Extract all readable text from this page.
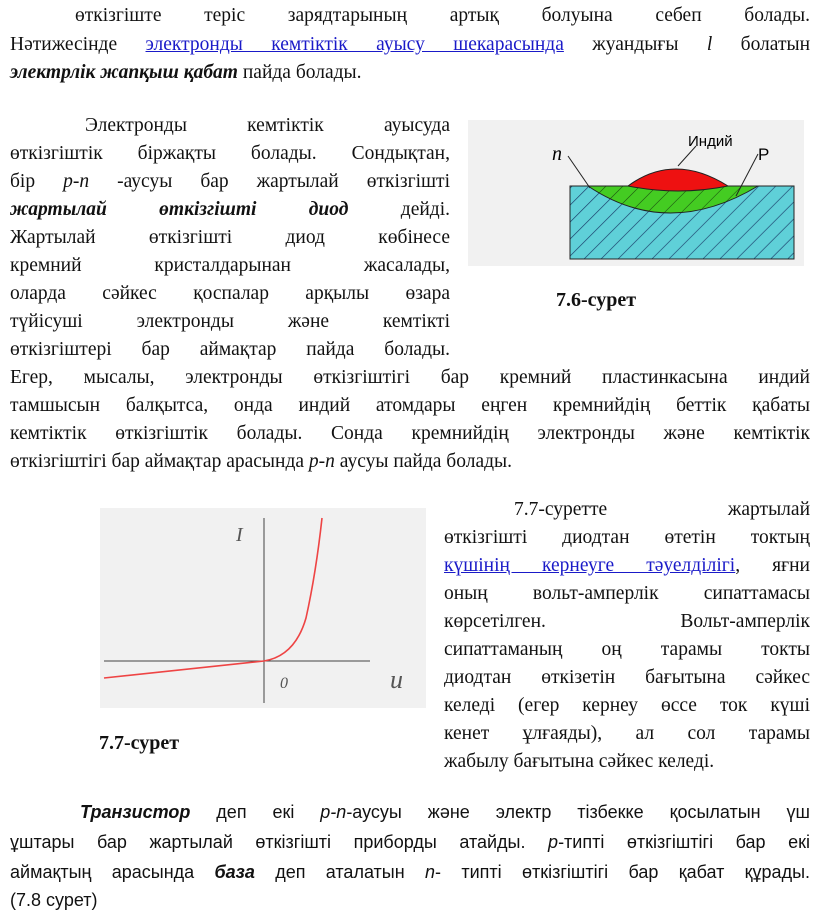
өткізгіште теріс зарядтарының артық болуына себеп болады.
Нәтижесінде электронды кемтіктік ауысу шекарасында жуандығы l болатын
электрлік жапқыш қабат пайда болады.
Электронды кемтіктік ауысуда
өткізгіштік біржақты болады. Сондықтан,
бір p-n -аусуы бар жартылай өткізгішті
жартылай өткізгішті диод дейді.
Жартылай өткізгішті диод көбінесе
кремний кристалдарынан жасалады,
оларда сәйкес қоспалар арқылы өзара
түйісуші электронды және кемтікті
өткізгіштері бар аймақтар пайда болады.
Егер, мысалы, электронды өткізгіштігі бар кремний пластинкасына индий
тамшысын балқытса, онда индий атомдары еңген кремнийдің беттік қабаты
кемтіктік өткізгіштік болады. Сонда кремнийдің электронды және кемтіктік
өткізгіштігі бар аймақтар арасында p-n аусуы пайда болады.
n
Индий
P
7.6-сурет
I
u
0
7.7-сурет
7.7-суретте жартылай
өткізгішті диодтан өтетін токтың
күшінің кернеуге тәуелділігі, яғни
оның вольт-амперлік сипаттамасы
көрсетілген. Вольт-амперлік
сипаттаманың оң тарамы токты
диодтан өткізетін бағытына сәйкес
келеді (егер кернеу өссе ток күші
кенет ұлғаяды), ал сол тарамы
жабылу бағытына сәйкес келеді.
Транзистор деп екі p-n-аусуы және электр тізбекке қосылатын үш
ұштары бар жартылай өткізгішті приборды атайды. p-типті өткізгіштігі бар екі
аймақтың арасында база деп аталатын n- типті өткізгіштігі бар қабат құрады.
(7.8 сурет)
